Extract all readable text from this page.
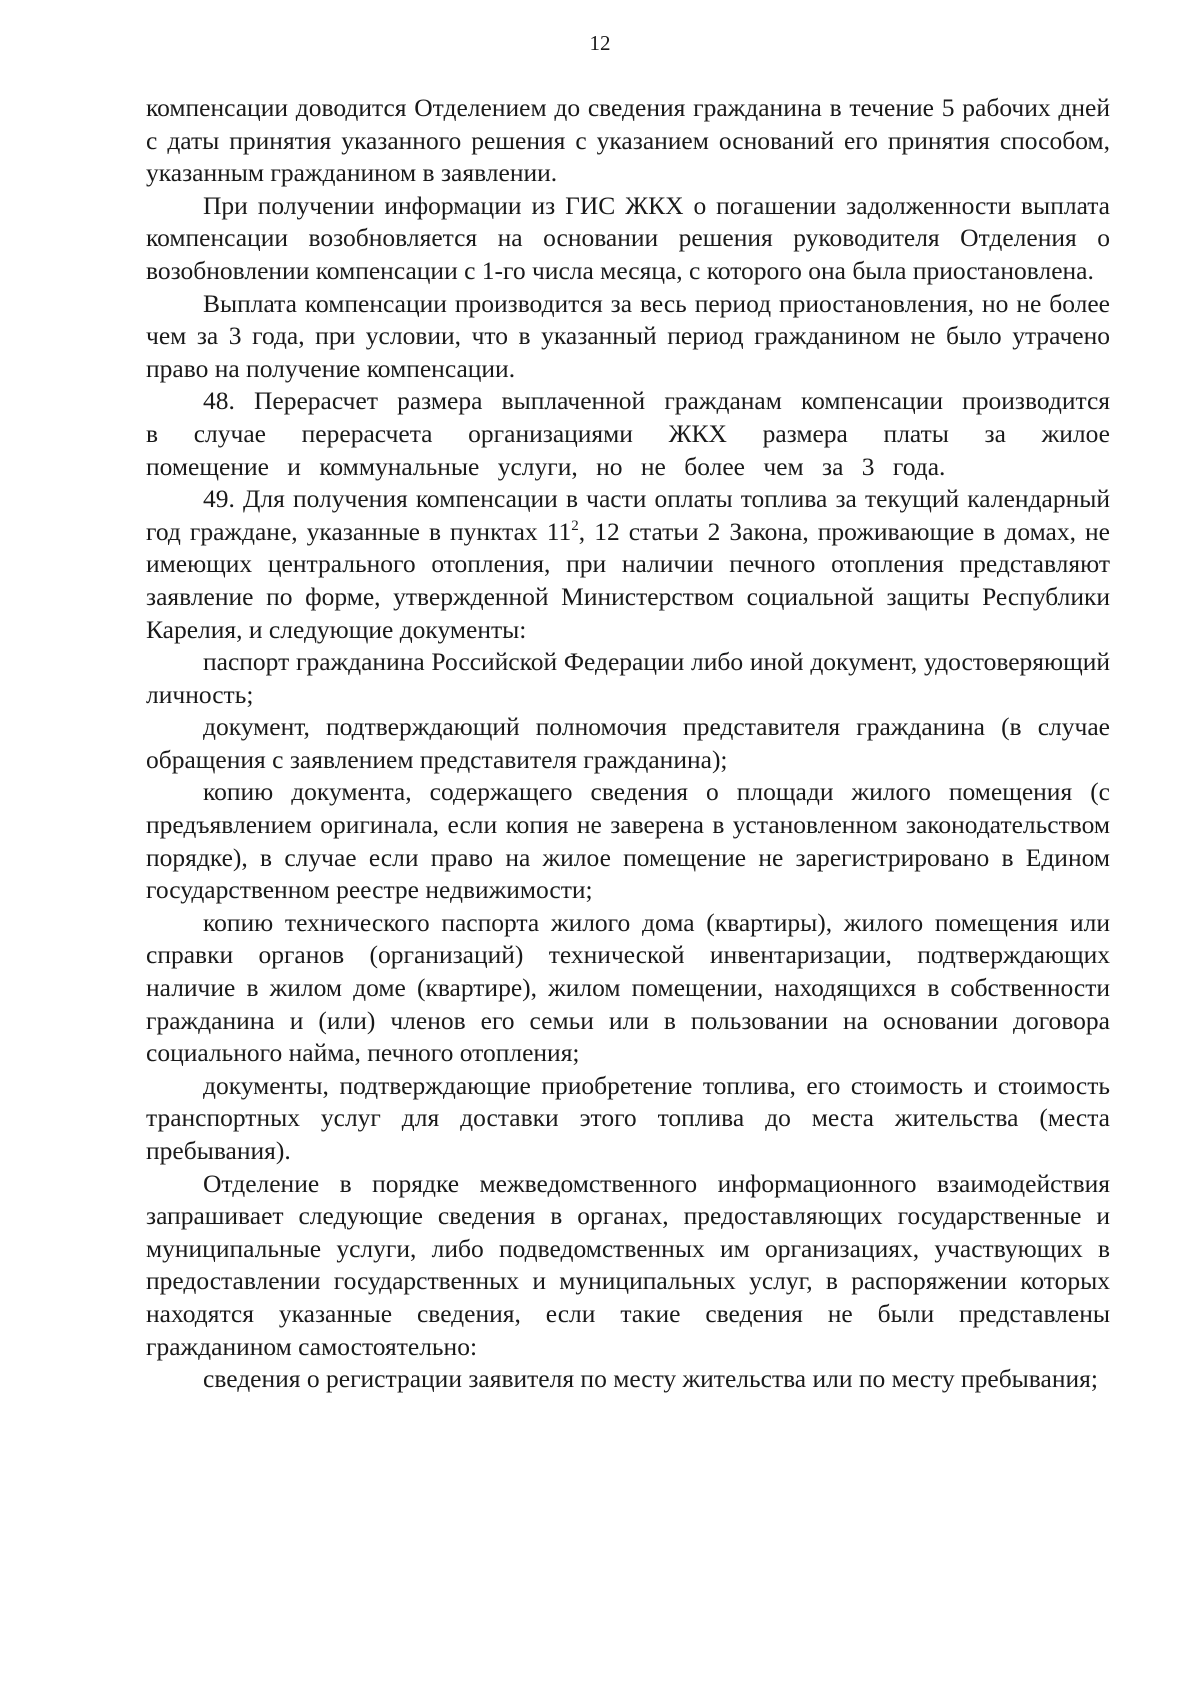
12

компенсации доводится Отделением до сведения гражданина в течение 5 рабочих дней с даты принятия указанного решения с указанием оснований его принятия способом, указанным гражданином в заявлении.

При получении информации из ГИС ЖКХ о погашении задолженности выплата компенсации возобновляется на основании решения руководителя Отделения о возобновлении компенсации с 1-го числа месяца, с которого она была приостановлена.

Выплата компенсации производится за весь период приостановления, но не более чем за 3 года, при условии, что в указанный период гражданином не было утрачено право на получение компенсации.

48. Перерасчет размера выплаченной гражданам компенсации производится в случае перерасчета организациями ЖКХ размера платы за жилое помещение и коммунальные услуги, но не более чем за 3 года.

49. Для получения компенсации в части оплаты топлива за текущий календарный год граждане, указанные в пунктах $11^2$, 12 статьи 2 Закона, проживающие в домах, не имеющих центрального отопления, при наличии печного отопления представляют заявление по форме, утвержденной Министерством социальной защиты Республики Карелия, и следующие документы:

паспорт гражданина Российской Федерации либо иной документ, удостоверяющий личность;

документ, подтверждающий полномочия представителя гражданина (в случае обращения с заявлением представителя гражданина);

копию документа, содержащего сведения о площади жилого помещения (с предъявлением оригинала, если копия не заверена в установленном законодательством порядке), в случае если право на жилое помещение не зарегистрировано в Едином государственном реестре недвижимости;

копию технического паспорта жилого дома (квартиры), жилого помещения или справки органов (организаций) технической инвентаризации, подтверждающих наличие в жилом доме (квартире), жилом помещении, находящихся в собственности гражданина и (или) членов его семьи или в пользовании на основании договора социального найма, печного отопления;

документы, подтверждающие приобретение топлива, его стоимость и стоимость транспортных услуг для доставки этого топлива до места жительства (места пребывания).

Отделение в порядке межведомственного информационного взаимодействия запрашивает следующие сведения в органах, предоставляющих государственные и муниципальные услуги, либо подведомственных им организациях, участвующих в предоставлении государственных и муниципальных услуг, в распоряжении которых находятся указанные сведения, если такие сведения не были представлены гражданином самостоятельно:

сведения о регистрации заявителя по месту жительства или по месту пребывания;
